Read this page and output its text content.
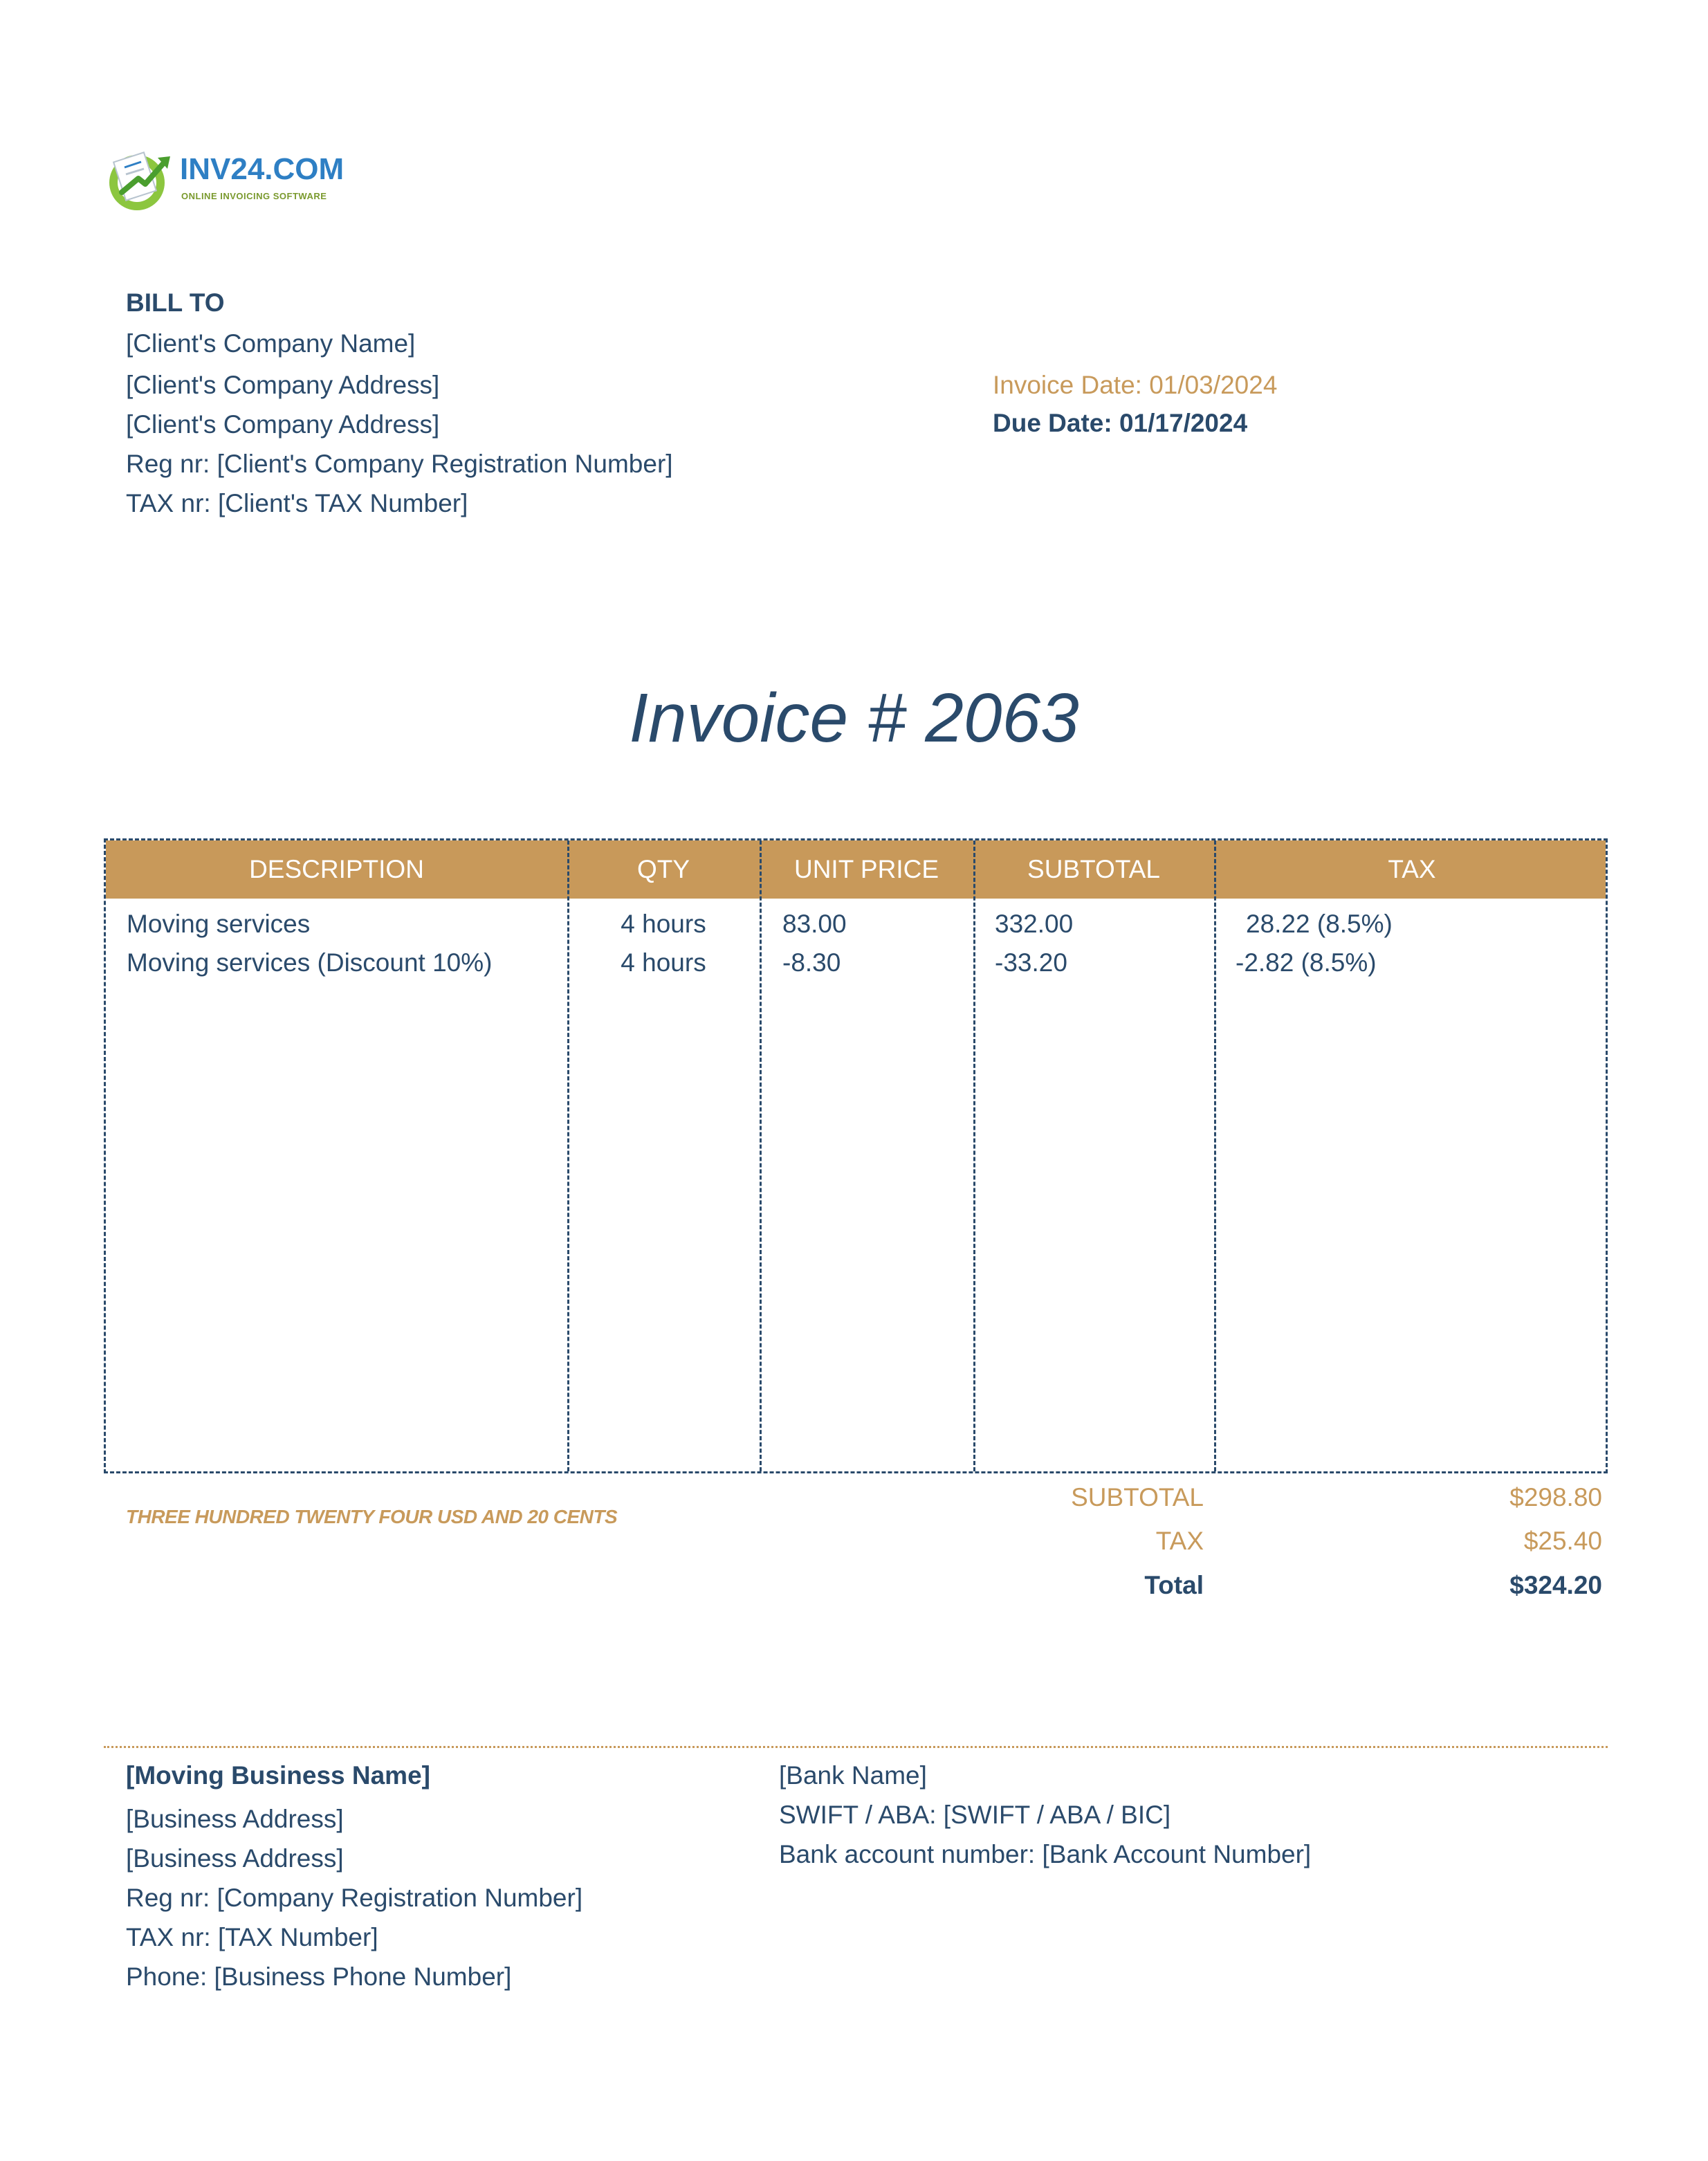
INV24.COM
ONLINE INVOICING SOFTWARE
BILL TO
[Client's Company Name]
[Client's Company Address]
[Client's Company Address]
Reg nr: [Client's Company Registration Number]
TAX nr: [Client's TAX Number]
Invoice Date: 01/03/2024
Due Date: 01/17/2024
Invoice # 2063
DESCRIPTION	QTY	UNIT PRICE	SUBTOTAL	TAX
Moving services	4 hours	83.00	332.00	28.22 (8.5%)
Moving services (Discount 10%)	4 hours	-8.30	-33.20	-2.82 (8.5%)
THREE HUNDRED TWENTY FOUR USD AND 20 CENTS
SUBTOTAL	$298.80
TAX	$25.40
Total	$324.20
[Moving Business Name]
[Business Address]
[Business Address]
Reg nr: [Company Registration Number]
TAX nr: [TAX Number]
Phone: [Business Phone Number]
[Bank Name]
SWIFT / ABA: [SWIFT / ABA / BIC]
Bank account number: [Bank Account Number]
